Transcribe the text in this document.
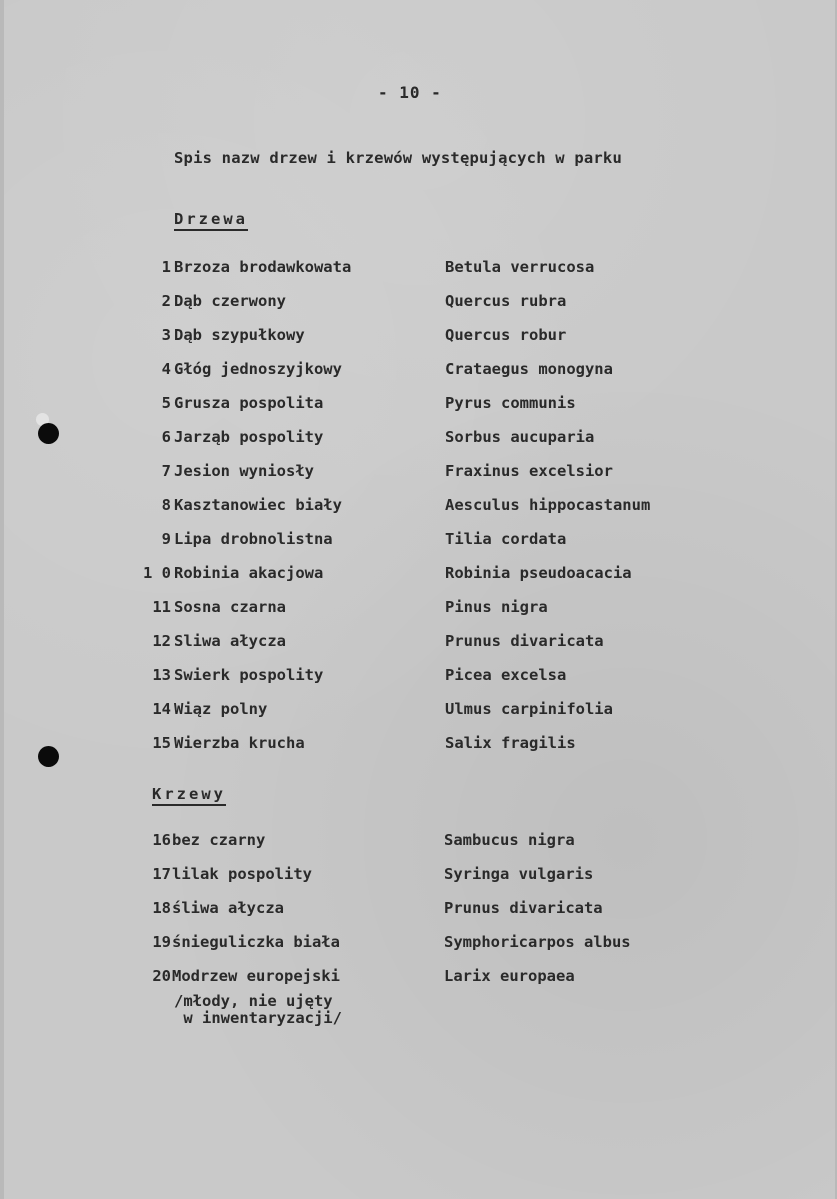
- 10 -
Spis nazw drzew i krzewów występujących w parku
Drzewa
1 Brzoza brodawkowata	Betula verrucosa
2 Dąb czerwony	Quercus rubra
3 Dąb szypułkowy	Quercus robur
4 Głóg jednoszyjkowy	Crataegus monogyna
5 Grusza pospolita	Pyrus communis
6 Jarząb pospolity	Sorbus aucuparia
7 Jesion wyniosły	Fraxinus excelsior
8 Kasztanowiec biały	Aesculus hippocastanum
9 Lipa drobnolistna	Tilia cordata
1 0 Robinia akacjowa	Robinia pseudoacacia
11 Sosna czarna	Pinus nigra
12 Sliwa ałycza	Prunus divaricata
13 Swierk pospolity	Picea excelsa
14 Wiąz polny	Ulmus carpinifolia
15 Wierzba krucha	Salix fragilis
Krzewy
16 bez czarny	Sambucus nigra
17 lilak pospolity	Syringa vulgaris
18 śliwa ałycza	Prunus divaricata
19 śnieguliczka biała	Symphoricarpos albus
20 Modrzew europejski	Larix europaea
/młody, nie ujęty
w inwentaryzacji/
